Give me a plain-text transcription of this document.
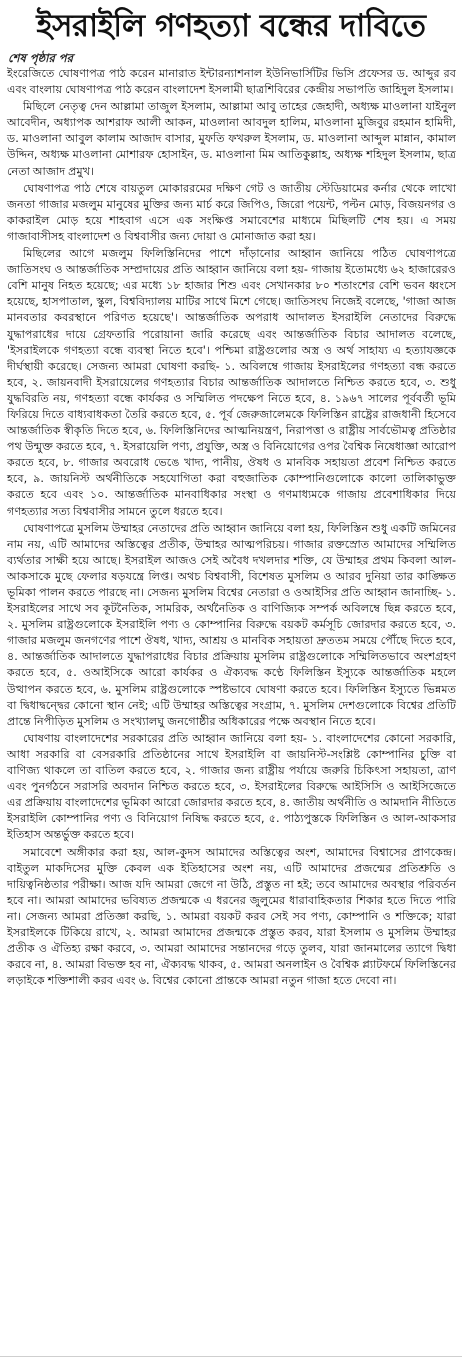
ইসরাইলি গণহত্যা বন্ধের দাবিতে
শেষ পৃষ্ঠার পর

ইংরেজিতে ঘোষণাপত্র পাঠ করেন মানারাত ইন্টারন্যাশনাল ইউনিভার্সিটির ভিসি প্রফেসর ড. আব্দুর রব এবং বাংলায় ঘোষণাপত্র পাঠ করেন বাংলাদেশ ইসলামী ছাত্রশিবিরের কেন্দ্রীয় সভাপতি জাহিদুল ইসলাম।

মিছিলে নেতৃত্ব দেন আল্লামা তাজুল ইসলাম, আল্লামা আবু তাহের জেহাদী, অধ্যক্ষ মাওলানা যাইনুল আবেদীন, অধ্যাপক আশরাফ আলী আকন, মাওলানা আবদুল হালিম, মাওলানা মুজিবুর রহমান হামিদী, ড. মাওলানা আবুল কালাম আজাদ বাসার, মুফতি ফখরুল ইসলাম, ড. মাওলানা আব্দুল মান্নান, কামাল উদ্দিন, অধ্যক্ষ মাওলানা মোশারফ হোসাইন, ড. মাওলানা মিম আতিকুল্লাহ, অধ্যক্ষ শহিদুল ইসলাম, ছাত্র নেতা আজাদ প্রমুখ।

ঘোষণাপত্র পাঠ শেষে বায়তুল মোকাররমের দক্ষিণ গেট ও জাতীয় স্টেডিয়ামের কর্নার থেকে লাখো জনতা গাজার মজলুম মানুষের মুক্তির জন্য মার্চ করে জিপিও, জিরো পয়েন্ট, পল্টন মোড়, বিজয়নগর ও কাকরাইল মোড় হয়ে শাহবাগ এসে এক সংক্ষিপ্ত সমাবেশের মাধ্যমে মিছিলটি শেষ হয়। এ সময় গাজাবাসীসহ বাংলাদেশ ও বিশ্ববাসীর জন্য দোয়া ও মোনাজাত করা হয়।

মিছিলের আগে মজলুম ফিলিস্তিনিদের পাশে দাঁড়ানোর আহ্বান জানিয়ে পঠিত ঘোষণাপত্রে জাতিসংঘ ও আন্তর্জাতিক সম্প্রদায়ের প্রতি আহ্বান জানিয়ে বলা হয়- গাজায় ইতোমধ্যে ৬২ হাজারেরও বেশি মানুষ নিহত হয়েছে; এর মধ্যে ১৮ হাজার শিশু এবং সেখানকার ৮০ শতাংশের বেশি ভবন ধ্বংসে হয়েছে, হাসপাতাল, স্কুল, বিশ্ববিদ্যালয় মাটির সাথে মিশে গেছে। জাতিসংঘ নিজেই বলেছে, 'গাজা আজ মানবতার কবরস্থানে পরিণত হয়েছে'। আন্তর্জাতিক অপরাধ আদালত ইসরাইলি নেতাদের বিরুদ্ধে যুদ্ধাপরাধের দায়ে গ্রেফতারি পরোয়ানা জারি করেছে এবং আন্তর্জাতিক বিচার আদালত বলেছে, 'ইসরাইলকে গণহত্যা বন্ধে ব্যবস্থা নিতে হবে'। পশ্চিমা রাষ্ট্রগুলোর অস্ত্র ও অর্থ সাহায্য এ হত্যাযজ্ঞকে দীর্ঘস্থায়ী করেছে। সেজন্য আমরা ঘোষণা করছি- ১. অবিলম্বে গাজায় ইসরাইলের গণহত্যা বন্ধ করতে হবে, ২. জায়নবাদী ইসরায়েলের গণহত্যার বিচার আন্তর্জাতিক আদালতে নিশ্চিত করতে হবে, ৩. শুধু যুদ্ধবিরতি নয়, গণহত্যা বন্ধে কার্যকর ও সম্মিলিত পদক্ষেপ নিতে হবে, ৪. ১৯৬৭ সালের পূর্ববর্তী ভূমি ফিরিয়ে দিতে বাধ্যবাধকতা তৈরি করতে হবে, ৫. পূর্ব জেরুজালেমকে ফিলিস্তিন রাষ্ট্রের রাজধানী হিসেবে আন্তর্জাতিক স্বীকৃতি দিতে হবে, ৬. ফিলিস্তিনিদের আত্মনিয়ন্ত্রণ, নিরাপত্তা ও রাষ্ট্রীয় সার্বভৌমত্ব প্রতিষ্ঠার পথ উন্মুক্ত করতে হবে, ৭. ইসরায়েলি পণ্য, প্রযুক্তি, অস্ত্র ও বিনিয়োগের ওপর বৈশ্বিক নিষেধাজ্ঞা আরোপ করতে হবে, ৮. গাজার অবরোধ ভেঙে খাদ্য, পানীয়, ঔষধ ও মানবিক সহায়তা প্রবেশ নিশ্চিত করতে হবে, ৯. জায়নিস্ট অর্থনীতিকে সহযোগিতা করা বহুজাতিক কোম্পানিগুলোকে কালো তালিকাভুক্ত করতে হবে এবং ১০. আন্তর্জাতিক মানবাধিকার সংস্থা ও গণমাধ্যমকে গাজায় প্রবেশাধিকার দিয়ে গণহত্যার সত্য বিশ্ববাসীর সামনে তুলে ধরতে হবে।

ঘোষণাপত্রে মুসলিম উম্মাহর নেতাদের প্রতি আহ্বান জানিয়ে বলা হয়, ফিলিস্তিন শুধু একটি জমিনের নাম নয়, এটি আমাদের অস্তিত্বের প্রতীক, উম্মাহর আত্মপরিচয়। গাজার রক্তস্রোত আমাদের সম্মিলিত ব্যর্থতার সাক্ষী হয়ে আছে। ইসরাইল আজও সেই অবৈধ দখলদার শক্তি, যে উম্মাহর প্রথম কিবলা আল-আকসাকে মুছে ফেলার ষড়যন্ত্রে লিপ্ত। অথচ বিশ্ববাসী, বিশেষত মুসলিম ও আরব দুনিয়া তার কাঙ্ক্ষিত ভূমিকা পালন করতে পারছে না। সেজন্য মুসলিম বিশ্বের নেতারা ও ওআইসির প্রতি আহ্বান জানাচ্ছি- ১. ইসরাইলের সাথে সব কূটনৈতিক, সামরিক, অর্থনৈতিক ও বাণিজ্যিক সম্পর্ক অবিলম্বে ছিন্ন করতে হবে, ২. মুসলিম রাষ্ট্রগুলোকে ইসরাইলি পণ্য ও কোম্পানির বিরুদ্ধে বয়কট কর্মসূচি জোরদার করতে হবে, ৩. গাজার মজলুম জনগণের পাশে ঔষধ, খাদ্য, আশ্রয় ও মানবিক সহায়তা দ্রুততম সময়ে পৌঁছে দিতে হবে, ৪. আন্তর্জাতিক আদালতে যুদ্ধাপরাধের বিচার প্রক্রিয়ায় মুসলিম রাষ্ট্রগুলোকে সম্মিলিতভাবে অংশগ্রহণ করতে হবে, ৫. ওআইসিকে আরো কার্যকর ও ঐক্যবদ্ধ কণ্ঠে ফিলিস্তিন ইস্যুকে আন্তর্জাতিক মহলে উত্থাপন করতে হবে, ৬. মুসলিম রাষ্ট্রগুলোকে স্পষ্টভাবে ঘোষণা করতে হবে। ফিলিস্তিন ইস্যুতে ভিন্নমত বা দ্বিধাদ্বন্দ্বের কোনো স্থান নেই; এটি উম্মাহর অস্তিত্বের সংগ্রাম, ৭. মুসলিম দেশগুলোকে বিশ্বের প্রতিটি প্রান্তে নিপীড়িত মুসলিম ও সংখ্যালঘু জনগোষ্ঠীর অধিকারের পক্ষে অবস্থান নিতে হবে।

ঘোষণায় বাংলাদেশের সরকারের প্রতি আহ্বান জানিয়ে বলা হয়- ১. বাংলাদেশের কোনো সরকারি, আধা সরকারি বা বেসরকারি প্রতিষ্ঠানের সাথে ইসরাইলি বা জায়নিস্ট-সংশ্লিষ্ট কোম্পানির চুক্তি বা বাণিজ্য থাকলে তা বাতিল করতে হবে, ২. গাজার জন্য রাষ্ট্রীয় পর্যায়ে জরুরি চিকিৎসা সহায়তা, ত্রাণ এবং পুনর্গঠনে সরাসরি অবদান নিশ্চিত করতে হবে, ৩. ইসরাইলের বিরুদ্ধে আইসিসি ও আইসিজেতে এর প্রক্রিয়ায় বাংলাদেশের ভূমিকা আরো জোরদার করতে হবে, ৪. জাতীয় অর্থনীতি ও আমদানি নীতিতে ইসরাইলি কোম্পানির পণ্য ও বিনিয়োগ নিষিদ্ধ করতে হবে, ৫. পাঠ্যপুস্তকে ফিলিস্তিন ও আল-আকসার ইতিহাস অন্তর্ভুক্ত করতে হবে।

সমাবেশে অঙ্গীকার করা হয়, আল-কুদস আমাদের অস্তিত্বের অংশ, আমাদের বিশ্বাসের প্রাণকেন্দ্র। বাইতুল মাকদিসের মুক্তি কেবল এক ইতিহাসের অংশ নয়, এটি আমাদের প্রজন্মের প্রতিশ্রুতি ও দায়িত্বনিষ্ঠতার পরীক্ষা। আজ যদি আমরা জেগে না উঠি, প্রস্তুত না হই; তবে আমাদের অবস্থার পরিবর্তন হবে না। আমরা আমাদের ভবিষ্যত প্রজন্মকে এ ধরনের জুলুমের ধারাবাহিকতার শিকার হতে দিতে পারি না। সেজন্য আমরা প্রতিজ্ঞা করছি, ১. আমরা বয়কট করব সেই সব পণ্য, কোম্পানি ও শক্তিকে; যারা ইসরাইলকে টিকিয়ে রাখে, ২. আমরা আমাদের প্রজন্মকে প্রস্তুত করব, যারা ইসলাম ও মুসলিম উম্মাহর প্রতীক ও ঐতিহ্য রক্ষা করবে, ৩. আমরা আমাদের সন্তানদের গড়ে তুলব, যারা জানমালের ত্যাগে দ্বিধা করবে না, ৪. আমরা বিভক্ত হব না, ঐক্যবদ্ধ থাকব, ৫. আমরা অনলাইন ও বৈশ্বিক প্ল্যাটফর্মে ফিলিস্তিনের লড়াইকে শক্তিশালী করব এবং ৬. বিশ্বের কোনো প্রান্তকে আমরা নতুন গাজা হতে দেবো না।
